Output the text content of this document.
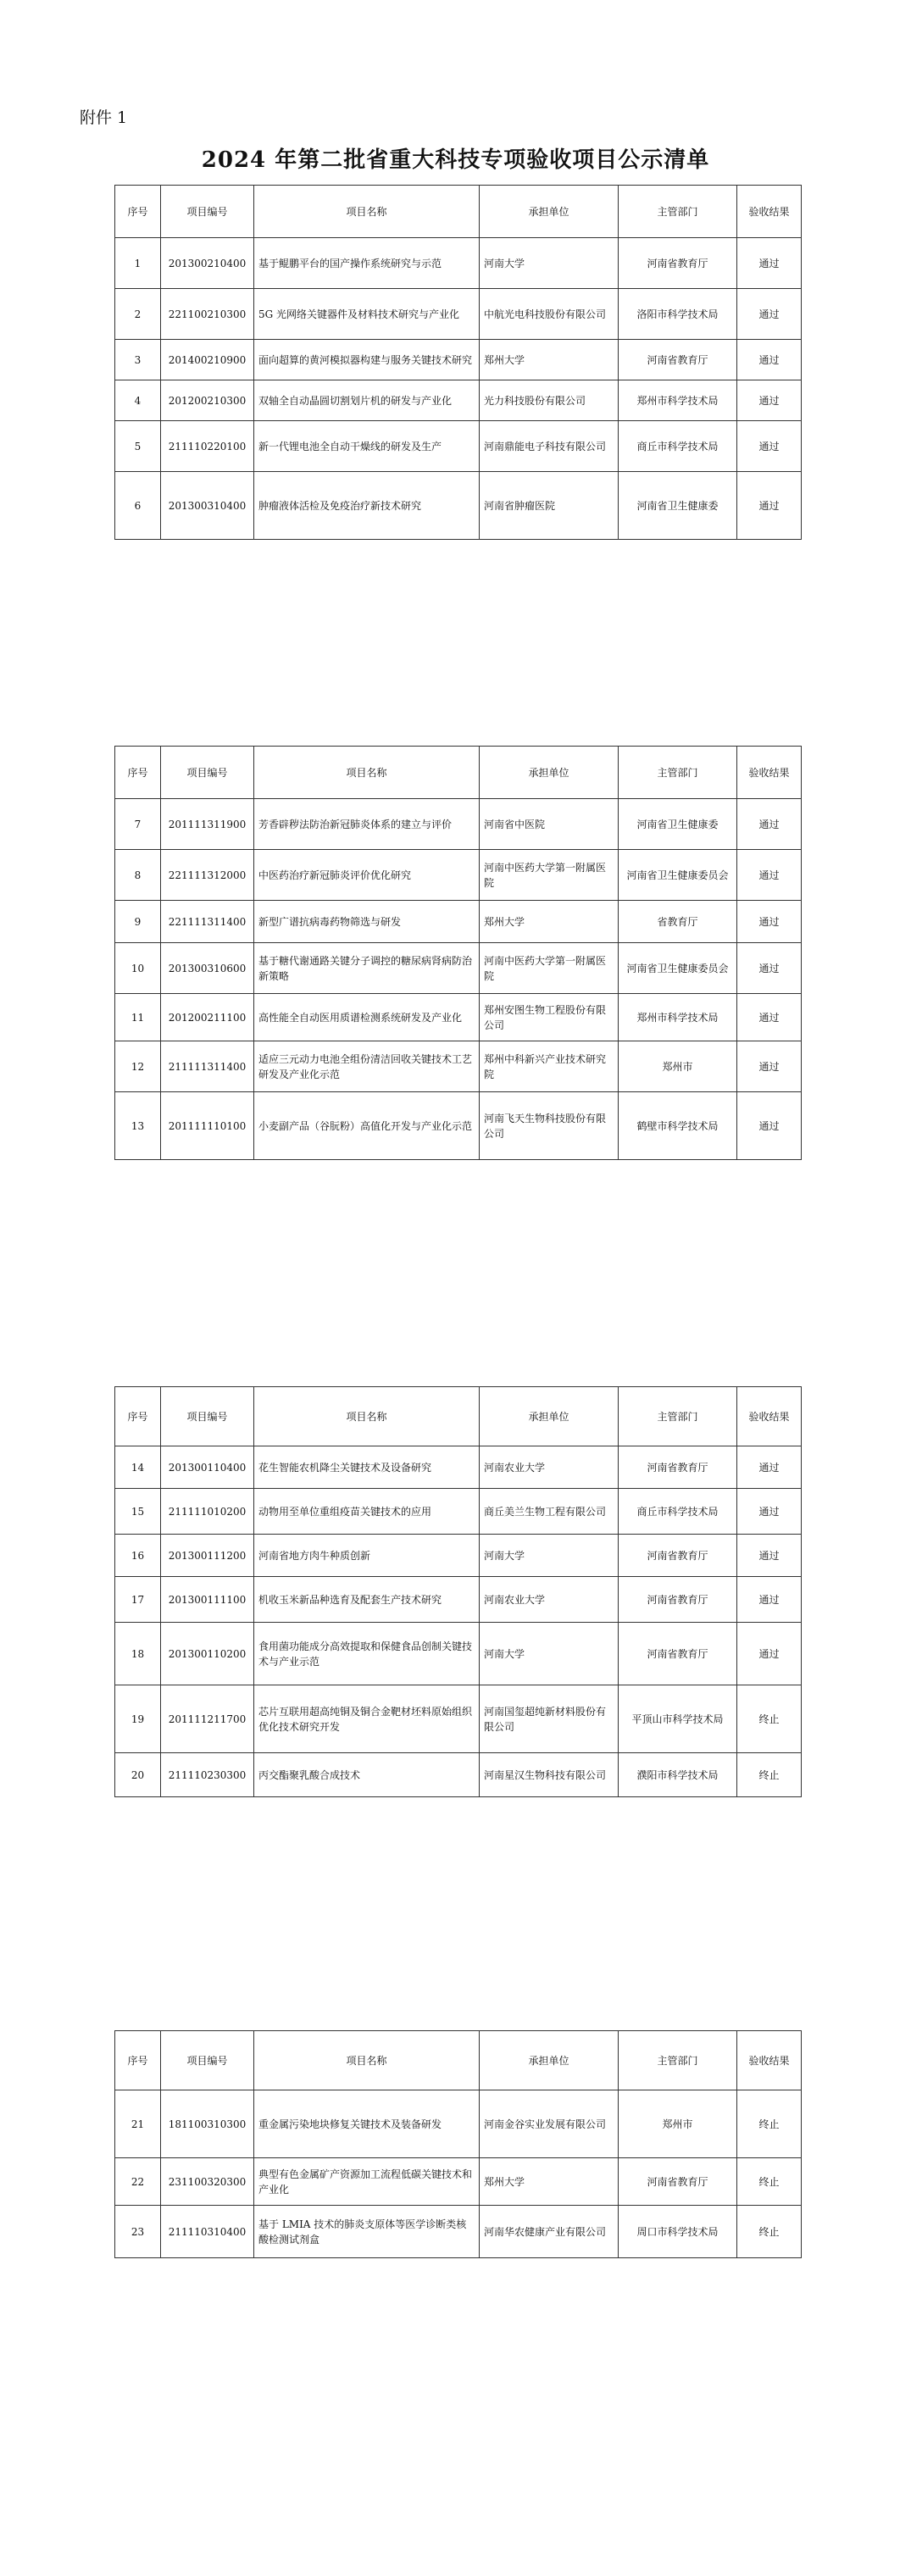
附件 1
2024 年第二批省重大科技专项验收项目公示清单
序号	项目编号	项目名称	承担单位	主管部门	验收结果
1	201300210400	基于鲲鹏平台的国产操作系统研究与示范	河南大学	河南省教育厅	通过
2	221100210300	5G 光网络关键器件及材料技术研究与产业化	中航光电科技股份有限公司	洛阳市科学技术局	通过
3	201400210900	面向超算的黄河模拟器构建与服务关键技术研究	郑州大学	河南省教育厅	通过
4	201200210300	双轴全自动晶圆切割划片机的研发与产业化	光力科技股份有限公司	郑州市科学技术局	通过
5	211110220100	新一代锂电池全自动干燥线的研发及生产	河南鼎能电子科技有限公司	商丘市科学技术局	通过
6	201300310400	肿瘤液体活检及免疫治疗新技术研究	河南省肿瘤医院	河南省卫生健康委	通过
序号	项目编号	项目名称	承担单位	主管部门	验收结果
7	201111311900	芳香辟秽法防治新冠肺炎体系的建立与评价	河南省中医院	河南省卫生健康委	通过
8	221111312000	中医药治疗新冠肺炎评价优化研究	河南中医药大学第一附属医院	河南省卫生健康委员会	通过
9	221111311400	新型广谱抗病毒药物筛选与研发	郑州大学	省教育厅	通过
10	201300310600	基于糖代谢通路关键分子调控的糖尿病肾病防治新策略	河南中医药大学第一附属医院	河南省卫生健康委员会	通过
11	201200211100	高性能全自动医用质谱检测系统研发及产业化	郑州安图生物工程股份有限公司	郑州市科学技术局	通过
12	211111311400	适应三元动力电池全组份清洁回收关键技术工艺研发及产业化示范	郑州中科新兴产业技术研究院	郑州市	通过
13	201111110100	小麦副产品（谷朊粉）高值化开发与产业化示范	河南飞天生物科技股份有限公司	鹤壁市科学技术局	通过
序号	项目编号	项目名称	承担单位	主管部门	验收结果
14	201300110400	花生智能农机降尘关键技术及设备研究	河南农业大学	河南省教育厅	通过
15	211111010200	动物用至单位重组疫苗关键技术的应用	商丘美兰生物工程有限公司	商丘市科学技术局	通过
16	201300111200	河南省地方肉牛种质创新	河南大学	河南省教育厅	通过
17	201300111100	机收玉米新品种选育及配套生产技术研究	河南农业大学	河南省教育厅	通过
18	201300110200	食用菌功能成分高效提取和保健食品创制关键技术与产业示范	河南大学	河南省教育厅	通过
19	201111211700	芯片互联用超高纯铜及铜合金靶材坯料原始组织优化技术研究开发	河南国玺超纯新材料股份有限公司	平顶山市科学技术局	终止
20	211110230300	丙交酯聚乳酸合成技术	河南星汉生物科技有限公司	濮阳市科学技术局	终止
序号	项目编号	项目名称	承担单位	主管部门	验收结果
21	181100310300	重金属污染地块修复关键技术及装备研发	河南金谷实业发展有限公司	郑州市	终止
22	231100320300	典型有色金属矿产资源加工流程低碳关键技术和产业化	郑州大学	河南省教育厅	终止
23	211110310400	基于 LMIA 技术的肺炎支原体等医学诊断类核酸检测试剂盒	河南华农健康产业有限公司	周口市科学技术局	终止
